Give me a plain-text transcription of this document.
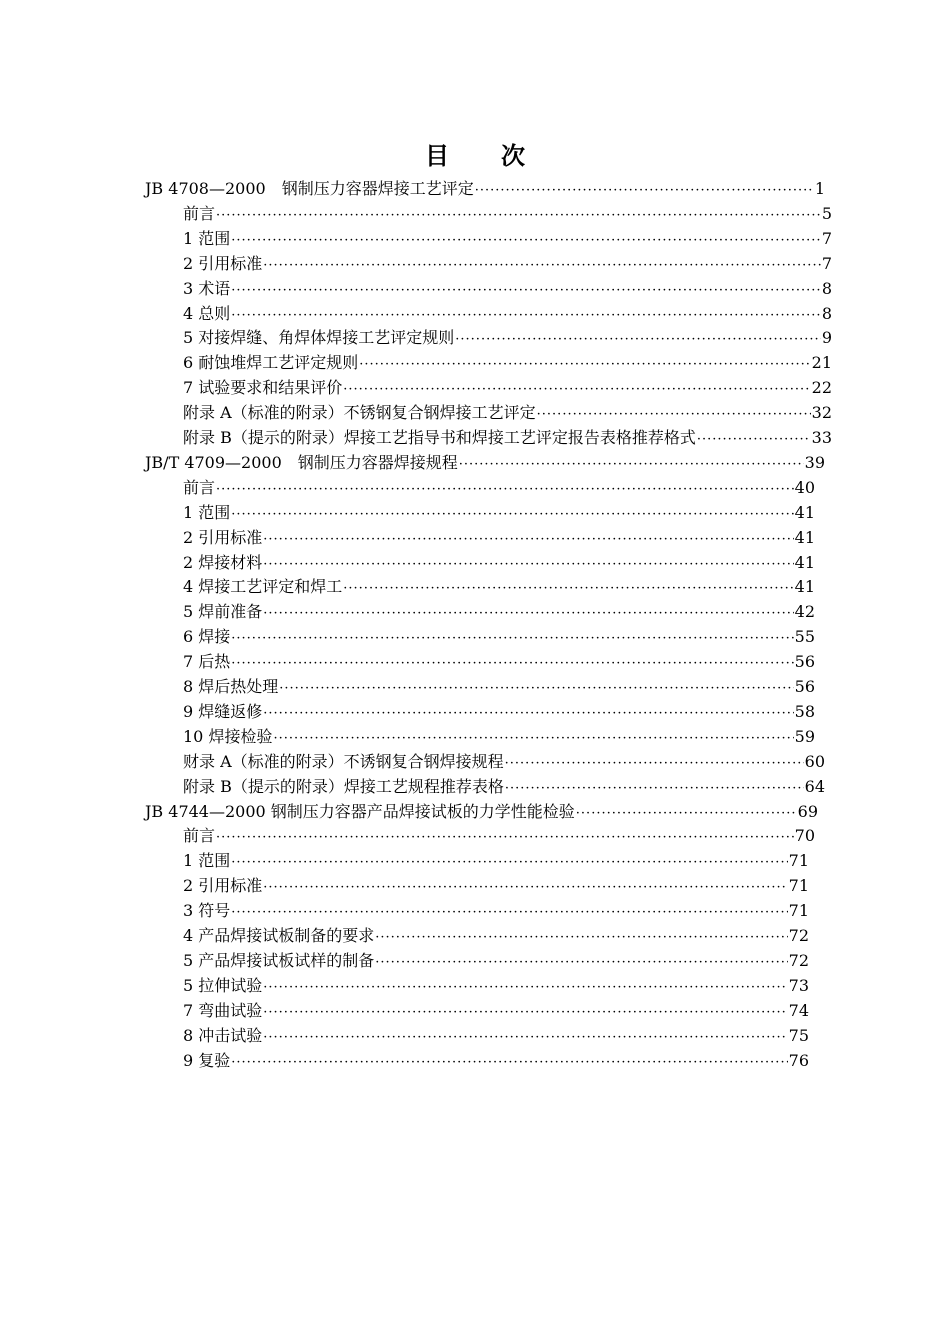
目 次
JB 4708—2000　钢制压力容器焊接工艺评定 ·····	1
前言 ·····	5
1 范围 ·····	7
2 引用标准 ·····	7
3 术语 ·····	8
4 总则 ·····	8
5 对接焊缝、角焊体焊接工艺评定规则 ·····	9
6 耐蚀堆焊工艺评定规则 ·····	21
7 试验要求和结果评价 ·····	22
附录 A（标准的附录）不锈钢复合钢焊接工艺评定 ·····	32
附录 B（提示的附录）焊接工艺指导书和焊接工艺评定报告表格推荐格式 ·····	33
JB/T 4709—2000　钢制压力容器焊接规程 ·····	39
前言 ·····	40
1 范围 ·····	41
2 引用标准 ·····	41
2 焊接材料 ·····	41
4 焊接工艺评定和焊工 ·····	41
5 焊前准备 ·····	42
6 焊接 ·····	55
7 后热 ·····	56
8 焊后热处理 ·····	56
9 焊缝返修 ·····	58
10 焊接检验 ·····	59
财录 A（标准的附录）不诱钢复合钢焊接规程 ·····	60
附录 B（提示的附录）焊接工艺规程推荐表格 ·····	64
JB 4744—2000 钢制压力容器产品焊接试板的力学性能检验 ·····	69
前言 ·····	70
1 范围 ·····	71
2 引用标准 ·····	71
3 符号 ·····	71
4 产品焊接试板制备的要求 ·····	72
5 产品焊接试板试样的制备 ·····	72
5 拉伸试验 ·····	73
7 弯曲试验 ·····	74
8 冲击试验 ·····	75
9 复验 ·····	76
